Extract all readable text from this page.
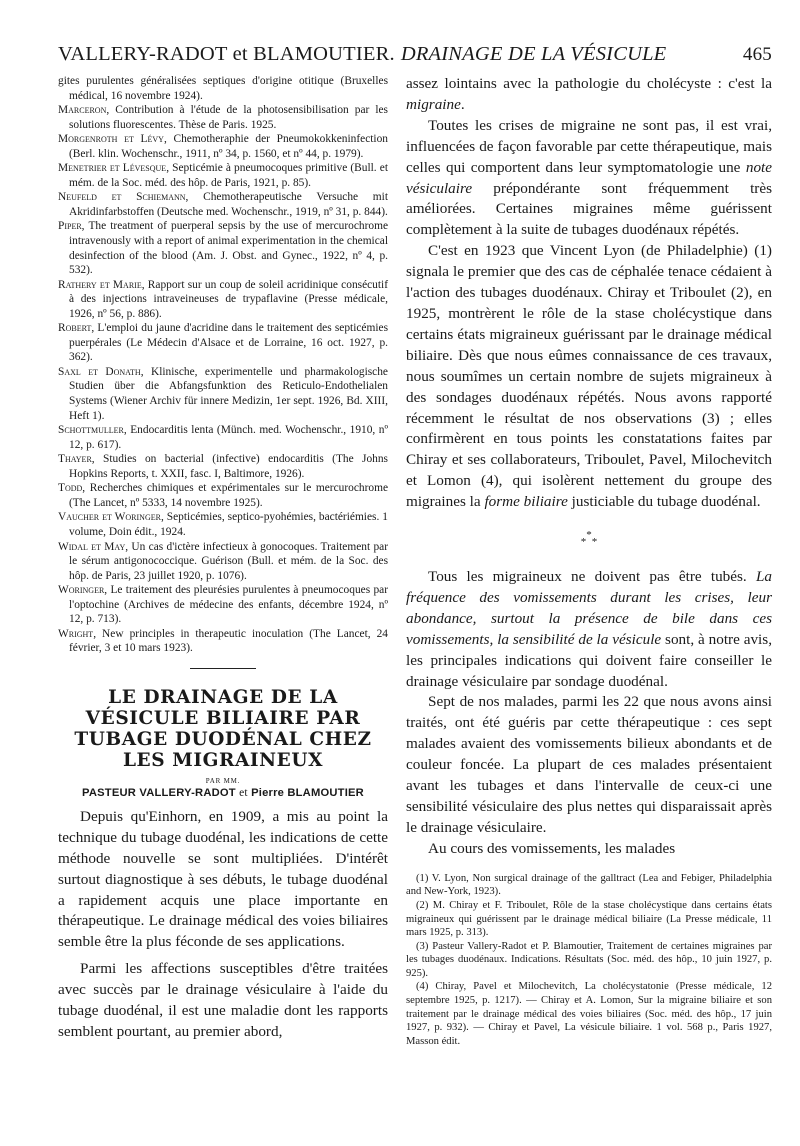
VALLERY-RADOT et BLAMOUTIER. DRAINAGE DE LA VÉSICULE	465

gites purulentes généralisées septiques d'origine otitique (Bruxelles médical, 16 novembre 1924).

Marceron, Contribution à l'étude de la photosensibilisation par les solutions fluorescentes. Thèse de Paris. 1925.

Morgenroth et Lévy, Chemotheraphie der Pneumokokkeninfection (Berl. klin. Wochenschr., 1911, nº 34, p. 1560, et nº 44, p. 1979).

Menetrier et Lévesque, Septicémie à pneumocoques primitive (Bull. et mém. de la Soc. méd. des hôp. de Paris, 1921, p. 85).

Neufeld et Schiemann, Chemotherapeutische Versuche mit Akridinfarbstoffen (Deutsche med. Wochenschr., 1919, nº 31, p. 844).

Piper, The treatment of puerperal sepsis by the use of mercurochrome intravenously with a report of animal experimentation in the chemical desinfection of the blood (Am. J. Obst. and Gynec., 1922, nº 4, p. 532).

Rathery et Marie, Rapport sur un coup de soleil acridinique consécutif à des injections intraveineuses de trypaflavine (Presse médicale, 1926, nº 56, p. 886).

Robert, L'emploi du jaune d'acridine dans le traitement des septicémies puerpérales (Le Médecin d'Alsace et de Lorraine, 16 oct. 1927, p. 362).

Saxl et Donath, Klinische, experimentelle und pharmakologische Studien über die Abfangsfunktion des Reticulo-Endothelialen Systems (Wiener Archiv für innere Medizin, 1er sept. 1926, Bd. XIII, Heft 1).

Schottmuller, Endocarditis lenta (Münch. med. Wochenschr., 1910, nº 12, p. 617).

Thayer, Studies on bacterial (infective) endocarditis (The Johns Hopkins Reports, t. XXII, fasc. I, Baltimore, 1926).

Todd, Recherches chimiques et expérimentales sur le mercurochrome (The Lancet, nº 5333, 14 novembre 1925).

Vaucher et Woringer, Septicémies, septico-pyohémies, bactériémies. 1 volume, Doin édit., 1924.

Widal et May, Un cas d'ictère infectieux à gonocoques. Traitement par le sérum antigonococcique. Guérison (Bull. et mém. de la Soc. des hôp. de Paris, 23 juillet 1920, p. 1076).

Woringer, Le traitement des pleurésies purulentes à pneumocoques par l'optochine (Archives de médecine des enfants, décembre 1924, nº 12, p. 713).

Wright, New principles in therapeutic inoculation (The Lancet, 24 février, 3 et 10 mars 1923).

LE DRAINAGE DE LA
VÉSICULE BILIAIRE PAR
TUBAGE DUODÉNAL CHEZ
LES MIGRAINEUX
PAR MM.
PASTEUR VALLERY-RADOT et Pierre BLAMOUTIER

Depuis qu'Einhorn, en 1909, a mis au point la technique du tubage duodénal, les indications de cette méthode nouvelle se sont multipliées. D'intérêt surtout diagnostique à ses débuts, le tubage duodénal a rapidement acquis une place importante en thérapeutique. Le drainage médical des voies biliaires semble être la plus féconde de ses applications.

Parmi les affections susceptibles d'être traitées avec succès par le drainage vésiculaire à l'aide du tubage duodénal, il est une maladie dont les rapports semblent pourtant, au premier abord,

assez lointains avec la pathologie du cholécyste : c'est la migraine.

Toutes les crises de migraine ne sont pas, il est vrai, influencées de façon favorable par cette thérapeutique, mais celles qui comportent dans leur symptomatologie une note vésiculaire prépondérante sont fréquemment très améliorées. Certaines migraines même guérissent complètement à la suite de tubages duodénaux répétés.

C'est en 1923 que Vincent Lyon (de Philadelphie) (1) signala le premier que des cas de céphalée tenace cédaient à l'action des tubages duodénaux. Chiray et Triboulet (2), en 1925, montrèrent le rôle de la stase cholécystique dans certains états migraineux guérissant par le drainage médical biliaire. Dès que nous eûmes connaissance de ces travaux, nous soumîmes un certain nombre de sujets migraineux à des sondages duodénaux répétés. Nous avons rapporté récemment le résultat de nos observations (3) ; elles confirmèrent en tous points les constatations faites par Chiray et ses collaborateurs, Triboulet, Pavel, Milochevitch et Lomon (4), qui isolèrent nettement du groupe des migraines la forme biliaire justiciable du tubage duodénal.

*
* *

Tous les migraineux ne doivent pas être tubés. La fréquence des vomissements durant les crises, leur abondance, surtout la présence de bile dans ces vomissements, la sensibilité de la vésicule sont, à notre avis, les principales indications qui doivent faire conseiller le drainage vésiculaire par sondage duodénal.

Sept de nos malades, parmi les 22 que nous avons ainsi traités, ont été guéris par cette thérapeutique : ces sept malades avaient des vomissements bilieux abondants et de couleur foncée. La plupart de ces malades présentaient avant les tubages et dans l'intervalle de ceux-ci une sensibilité vésiculaire des plus nettes qui disparaissait après le drainage vésiculaire.

Au cours des vomissements, les malades

(1) V. Lyon, Non surgical drainage of the galltract (Lea and Febiger, Philadelphia and New-York, 1923).

(2) M. Chiray et F. Triboulet, Rôle de la stase cholécystique dans certains états migraineux qui guérissent par le drainage médical biliaire (La Presse médicale, 11 mars 1925, p. 313).

(3) Pasteur Vallery-Radot et P. Blamoutier, Traitement de certaines migraines par les tubages duodénaux. Indications. Résultats (Soc. méd. des hôp., 10 juin 1927, p. 925).

(4) Chiray, Pavel et Milochevitch, La cholécystatonie (Presse médicale, 12 septembre 1925, p. 1217). — Chiray et A. Lomon, Sur la migraine biliaire et son traitement par le drainage médical des voies biliaires (Soc. méd. des hôp., 17 juin 1927, p. 932). — Chiray et Pavel, La vésicule biliaire. 1 vol. 568 p., Paris 1927, Masson édit.
